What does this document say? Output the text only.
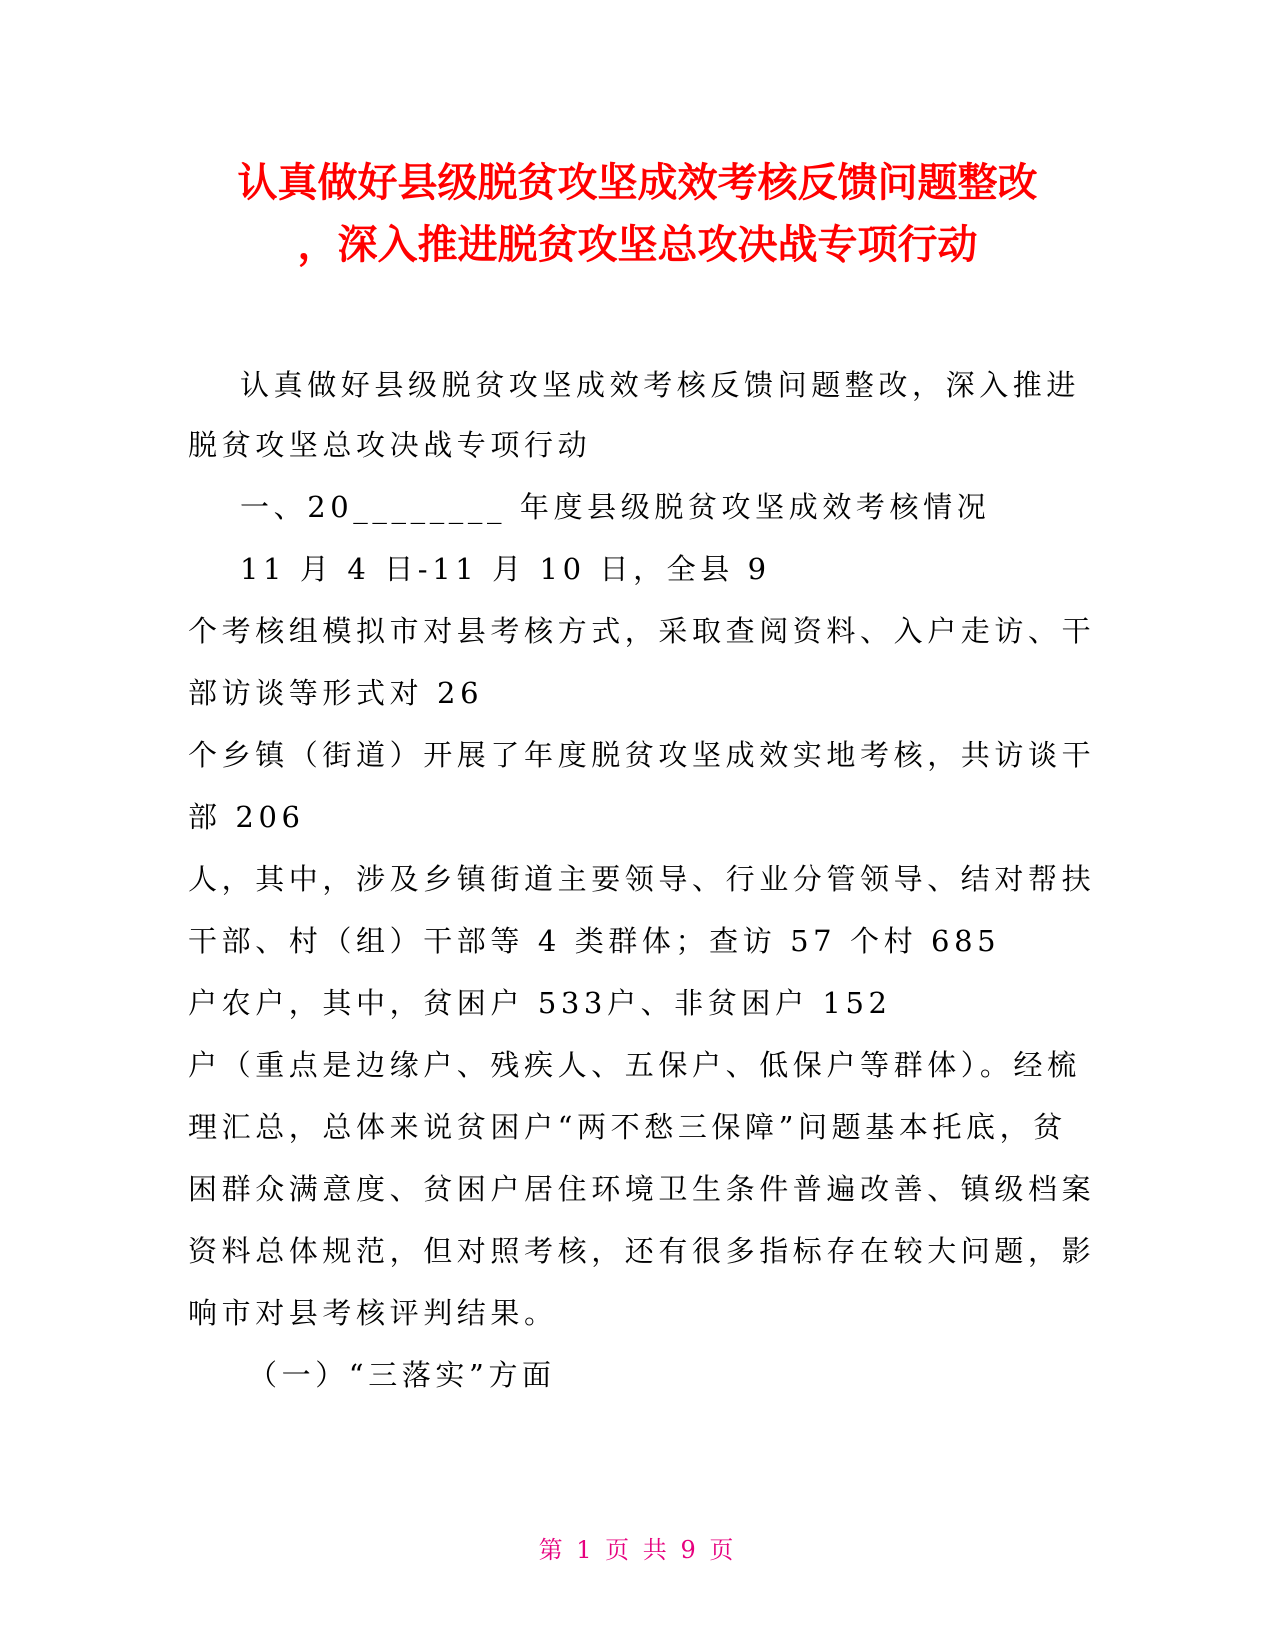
认真做好县级脱贫攻坚成效考核反馈问题整改
，深入推进脱贫攻坚总攻决战专项行动
认真做好县级脱贫攻坚成效考核反馈问题整改，深入推进
脱贫攻坚总攻决战专项行动
一、20________ 年度县级脱贫攻坚成效考核情况
11 月 4 日-11 月 10 日，全县 9
个考核组模拟市对县考核方式，采取查阅资料、入户走访、干
部访谈等形式对 26
个乡镇（街道）开展了年度脱贫攻坚成效实地考核，共访谈干
部 206
人，其中，涉及乡镇街道主要领导、行业分管领导、结对帮扶
干部、村（组）干部等 4 类群体；查访 57 个村 685
户农户，其中，贫困户 533户、非贫困户 152
户（重点是边缘户、残疾人、五保户、低保户等群体）。经梳
理汇总，总体来说贫困户“两不愁三保障”问题基本托底，贫
困群众满意度、贫困户居住环境卫生条件普遍改善、镇级档案
资料总体规范，但对照考核，还有很多指标存在较大问题，影
响市对县考核评判结果。
（一）“三落实”方面
第 1 页 共 9 页
